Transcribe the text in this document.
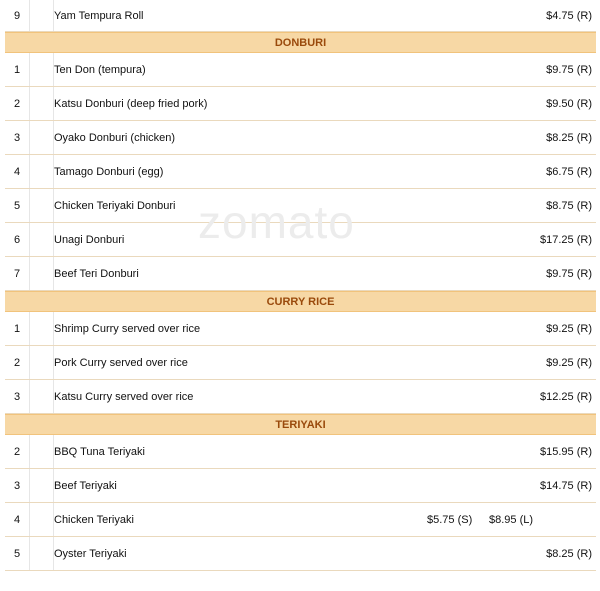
9	Yam Tempura Roll	$4.75 (R)
DONBURI
1	Ten Don (tempura)	$9.75 (R)
2	Katsu Donburi (deep fried pork)	$9.50 (R)
3	Oyako Donburi (chicken)	$8.25 (R)
4	Tamago Donburi (egg)	$6.75 (R)
5	Chicken Teriyaki Donburi	$8.75 (R)
6	Unagi Donburi	$17.25 (R)
7	Beef Teri Donburi	$9.75 (R)
CURRY RICE
1	Shrimp Curry served over rice	$9.25 (R)
2	Pork Curry served over rice	$9.25 (R)
3	Katsu Curry served over rice	$12.25 (R)
TERIYAKI
2	BBQ Tuna Teriyaki	$15.95 (R)
3	Beef Teriyaki	$14.75 (R)
4	Chicken Teriyaki	$5.75 (S) $8.95 (L)
5	Oyster Teriyaki	$8.25 (R)
zomato
